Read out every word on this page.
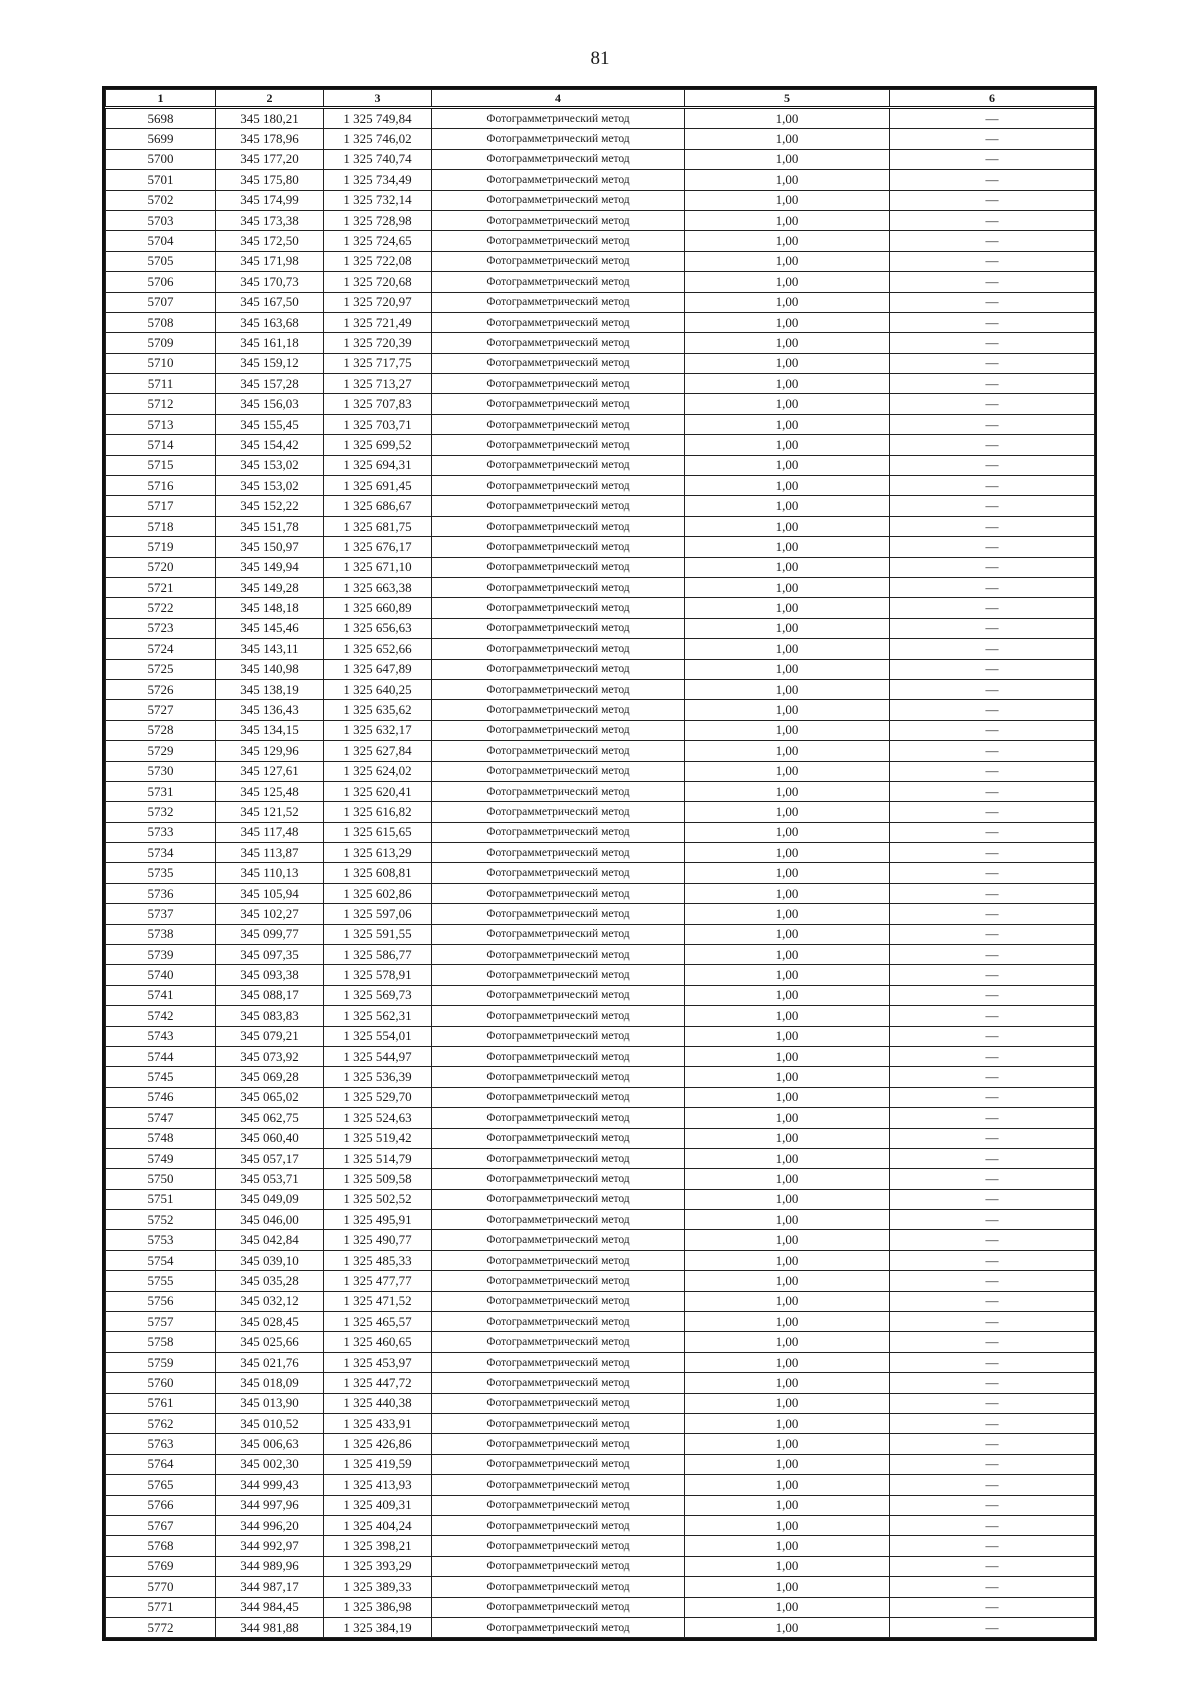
81
1	2	3	4	5	6
5698	345 180,21	1 325 749,84	Фотограмметрический метод	1,00	—
5699	345 178,96	1 325 746,02	Фотограмметрический метод	1,00	—
5700	345 177,20	1 325 740,74	Фотограмметрический метод	1,00	—
5701	345 175,80	1 325 734,49	Фотограмметрический метод	1,00	—
5702	345 174,99	1 325 732,14	Фотограмметрический метод	1,00	—
5703	345 173,38	1 325 728,98	Фотограмметрический метод	1,00	—
5704	345 172,50	1 325 724,65	Фотограмметрический метод	1,00	—
5705	345 171,98	1 325 722,08	Фотограмметрический метод	1,00	—
5706	345 170,73	1 325 720,68	Фотограмметрический метод	1,00	—
5707	345 167,50	1 325 720,97	Фотограмметрический метод	1,00	—
5708	345 163,68	1 325 721,49	Фотограмметрический метод	1,00	—
5709	345 161,18	1 325 720,39	Фотограмметрический метод	1,00	—
5710	345 159,12	1 325 717,75	Фотограмметрический метод	1,00	—
5711	345 157,28	1 325 713,27	Фотограмметрический метод	1,00	—
5712	345 156,03	1 325 707,83	Фотограмметрический метод	1,00	—
5713	345 155,45	1 325 703,71	Фотограмметрический метод	1,00	—
5714	345 154,42	1 325 699,52	Фотограмметрический метод	1,00	—
5715	345 153,02	1 325 694,31	Фотограмметрический метод	1,00	—
5716	345 153,02	1 325 691,45	Фотограмметрический метод	1,00	—
5717	345 152,22	1 325 686,67	Фотограмметрический метод	1,00	—
5718	345 151,78	1 325 681,75	Фотограмметрический метод	1,00	—
5719	345 150,97	1 325 676,17	Фотограмметрический метод	1,00	—
5720	345 149,94	1 325 671,10	Фотограмметрический метод	1,00	—
5721	345 149,28	1 325 663,38	Фотограмметрический метод	1,00	—
5722	345 148,18	1 325 660,89	Фотограмметрический метод	1,00	—
5723	345 145,46	1 325 656,63	Фотограмметрический метод	1,00	—
5724	345 143,11	1 325 652,66	Фотограмметрический метод	1,00	—
5725	345 140,98	1 325 647,89	Фотограмметрический метод	1,00	—
5726	345 138,19	1 325 640,25	Фотограмметрический метод	1,00	—
5727	345 136,43	1 325 635,62	Фотограмметрический метод	1,00	—
5728	345 134,15	1 325 632,17	Фотограмметрический метод	1,00	—
5729	345 129,96	1 325 627,84	Фотограмметрический метод	1,00	—
5730	345 127,61	1 325 624,02	Фотограмметрический метод	1,00	—
5731	345 125,48	1 325 620,41	Фотограмметрический метод	1,00	—
5732	345 121,52	1 325 616,82	Фотограмметрический метод	1,00	—
5733	345 117,48	1 325 615,65	Фотограмметрический метод	1,00	—
5734	345 113,87	1 325 613,29	Фотограмметрический метод	1,00	—
5735	345 110,13	1 325 608,81	Фотограмметрический метод	1,00	—
5736	345 105,94	1 325 602,86	Фотограмметрический метод	1,00	—
5737	345 102,27	1 325 597,06	Фотограмметрический метод	1,00	—
5738	345 099,77	1 325 591,55	Фотограмметрический метод	1,00	—
5739	345 097,35	1 325 586,77	Фотограмметрический метод	1,00	—
5740	345 093,38	1 325 578,91	Фотограмметрический метод	1,00	—
5741	345 088,17	1 325 569,73	Фотограмметрический метод	1,00	—
5742	345 083,83	1 325 562,31	Фотограмметрический метод	1,00	—
5743	345 079,21	1 325 554,01	Фотограмметрический метод	1,00	—
5744	345 073,92	1 325 544,97	Фотограмметрический метод	1,00	—
5745	345 069,28	1 325 536,39	Фотограмметрический метод	1,00	—
5746	345 065,02	1 325 529,70	Фотограмметрический метод	1,00	—
5747	345 062,75	1 325 524,63	Фотограмметрический метод	1,00	—
5748	345 060,40	1 325 519,42	Фотограмметрический метод	1,00	—
5749	345 057,17	1 325 514,79	Фотограмметрический метод	1,00	—
5750	345 053,71	1 325 509,58	Фотограмметрический метод	1,00	—
5751	345 049,09	1 325 502,52	Фотограмметрический метод	1,00	—
5752	345 046,00	1 325 495,91	Фотограмметрический метод	1,00	—
5753	345 042,84	1 325 490,77	Фотограмметрический метод	1,00	—
5754	345 039,10	1 325 485,33	Фотограмметрический метод	1,00	—
5755	345 035,28	1 325 477,77	Фотограмметрический метод	1,00	—
5756	345 032,12	1 325 471,52	Фотограмметрический метод	1,00	—
5757	345 028,45	1 325 465,57	Фотограмметрический метод	1,00	—
5758	345 025,66	1 325 460,65	Фотограмметрический метод	1,00	—
5759	345 021,76	1 325 453,97	Фотограмметрический метод	1,00	—
5760	345 018,09	1 325 447,72	Фотограмметрический метод	1,00	—
5761	345 013,90	1 325 440,38	Фотограмметрический метод	1,00	—
5762	345 010,52	1 325 433,91	Фотограмметрический метод	1,00	—
5763	345 006,63	1 325 426,86	Фотограмметрический метод	1,00	—
5764	345 002,30	1 325 419,59	Фотограмметрический метод	1,00	—
5765	344 999,43	1 325 413,93	Фотограмметрический метод	1,00	—
5766	344 997,96	1 325 409,31	Фотограмметрический метод	1,00	—
5767	344 996,20	1 325 404,24	Фотограмметрический метод	1,00	—
5768	344 992,97	1 325 398,21	Фотограмметрический метод	1,00	—
5769	344 989,96	1 325 393,29	Фотограмметрический метод	1,00	—
5770	344 987,17	1 325 389,33	Фотограмметрический метод	1,00	—
5771	344 984,45	1 325 386,98	Фотограмметрический метод	1,00	—
5772	344 981,88	1 325 384,19	Фотограмметрический метод	1,00	—
